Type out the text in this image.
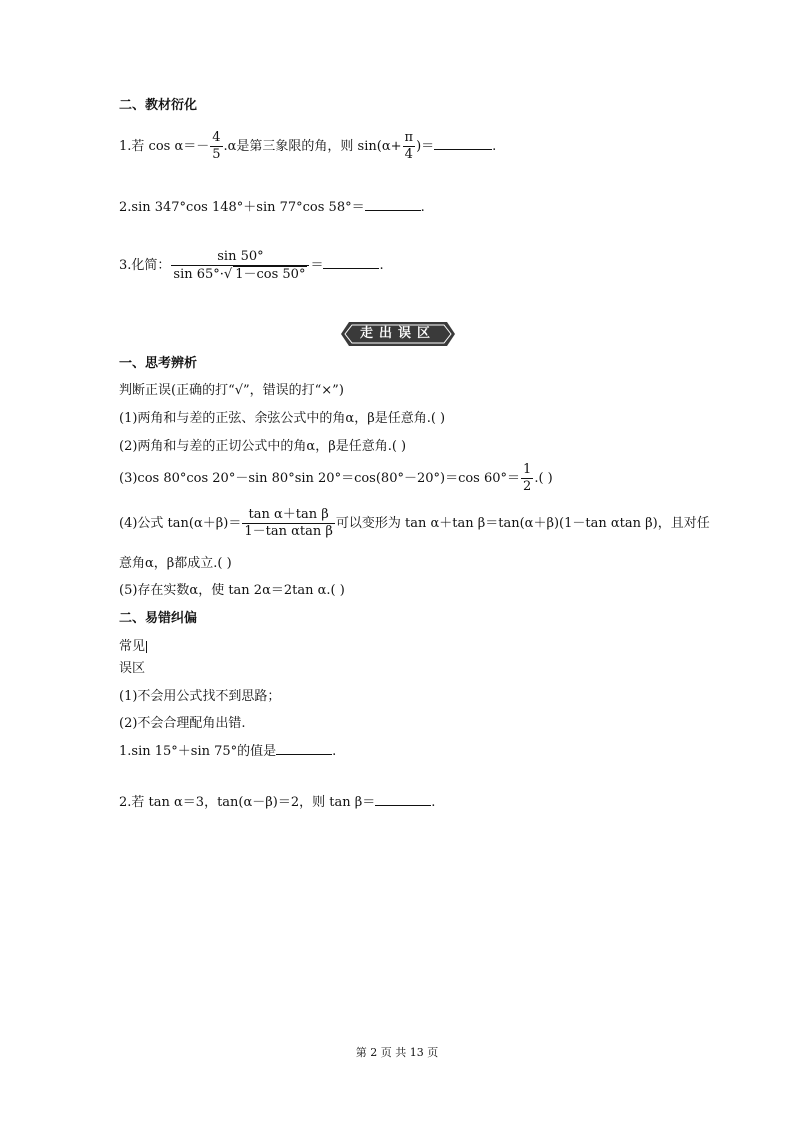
二、教材衍化
1.若 $\cos \alpha=- \frac{4}{5} .\alpha$是第三象限的角，则 $\sin(\alpha+ \frac{\pi}{4}$ )＝	.
2.sin 347°cos 148°＋sin 77°cos 58°＝	.
3.化简： $\frac{\sin 50^\circ}{\sin 65^\circ\cdot√ 1-\cos 50^\circ}$ ＝	.
走出误区
一、思考辨析
判断正误(正确的打“√”，错误的打“×”)
(1)两角和与差的正弦、余弦公式中的角α，β是任意角.( )
(2)两角和与差的正切公式中的角α，β是任意角.( )
(3)cos 80°cos 20°－sin 80°sin 20°＝cos(80°－20°)＝cos $60^\circ= \frac{1}{2}$ .( )
(4)公式 $\tan(\alpha+\beta)= \frac{\text{tan α＋tan β}}{\text{1－tan αtan β}}$ 可以变形为 tan α＋tan β＝tan(α＋β)(1－tan αtan β)，且对任
意角α，β都成立.( )
(5)存在实数α，使 tan 2α＝2tan α.( )
二、易错纠偏
常见
误区
(1)不会用公式找不到思路；
(2)不会合理配角出错.
1.sin 15°＋sin 75°的值是	.
2.若 tan α＝3，tan(α－β)＝2，则 tan β＝	.
第 2 页 共 13 页
